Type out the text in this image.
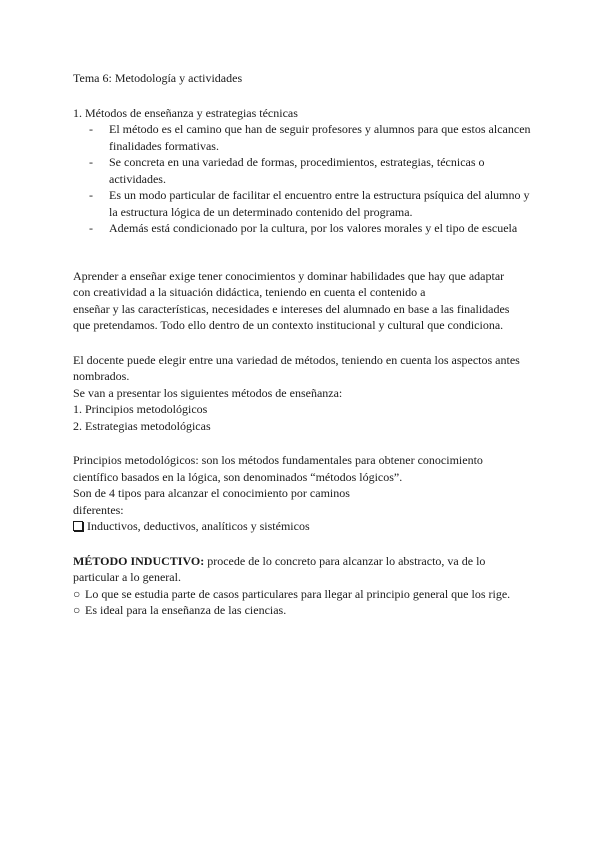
Tema 6: Metodología y actividades

1. Métodos de enseñanza y estrategias técnicas

-	El método es el camino que han de seguir profesores y alumnos para que estos alcancen finalidades formativas.
-	Se concreta en una variedad de formas, procedimientos, estrategias, técnicas o actividades.
-	Es un modo particular de facilitar el encuentro entre la estructura psíquica del alumno y la estructura lógica de un determinado contenido del programa.
-	Además está condicionado por la cultura, por los valores morales y el tipo de escuela
Aprender a enseñar exige tener conocimientos y dominar habilidades que hay que adaptar
con creatividad a la situación didáctica, teniendo en cuenta el contenido a
enseñar y las características, necesidades e intereses del alumnado en base a las finalidades
que pretendamos. Todo ello dentro de un contexto institucional y cultural que condiciona.
El docente puede elegir entre una variedad de métodos, teniendo en cuenta los aspectos antes
nombrados.
Se van a presentar los siguientes métodos de enseñanza:
1. Principios metodológicos
2. Estrategias metodológicas
Principios metodológicos: son los métodos fundamentales para obtener conocimiento
científico basados en la lógica, son denominados “métodos lógicos”.
Son de 4 tipos para alcanzar el conocimiento por caminos
diferentes:
Inductivos, deductivos, analíticos y sistémicos
MÉTODO INDUCTIVO: procede de lo concreto para alcanzar lo abstracto, va de lo
particular a lo general.
○ Lo que se estudia parte de casos particulares para llegar al principio general que los rige.
○ Es ideal para la enseñanza de las ciencias.
